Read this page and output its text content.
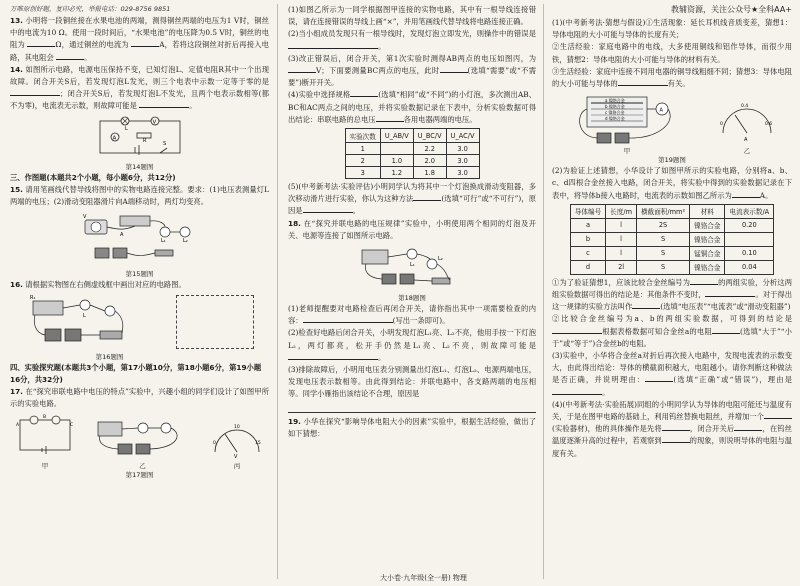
万唯原创好题，复印必究，举报电话：029-8756 9851
13. 小明将一段铜丝接在水果电池的两端，测得铜丝两端的电压为1 V时，铜丝中的电流为10 Ω。使用一段时间后，“水果电池”的电压降为0.5 V时，铜丝的电阻为	Ω，通过铜丝的电流为	A，若将这段铜丝对折后再接入电路，其电阻会	。
14. 如图所示电路，电源电压保持不变，已知灯泡L、定值电阻R其中一个出现故障。闭合开关S后，若发现灯泡L发光，则三个电表中示数一定等于零的是 ；闭合开关S后，若发现灯泡L不发光，且两个电表示数相等(都不为零)，电流表无示数，则故障可能是	。
V
A
S
R
L
第14题图
三、作图题(本题共2个小题，每小题6分，共12分)
15. 请用笔画线代替导线将图中的实物电路连接完整。要求：(1)电压表测量灯L两端的电压；(2)滑动变阻器滑片向A端移动时，两灯均变亮。
V
L₁	L₂
A
第15题图
16. 请根据实物图在右侧虚线框中画出对应的电路图。
R₁
L
第16题图
四、实验探究题(本题共3个小题，第17小题10分，第18小题6分，第19小题16分，共32分)
17. 在“探究串联电路中电压的特点”实验中，兴趣小组的同学们设计了如图甲所示的实验电路。
A
B
C
甲	乙
0
10
15
V
丙
第17题图

(1)如图乙所示为一同学根据图甲连接的实物电路，其中有一根导线连接错误，请在连接错误的导线上画“×”，并用笔画线代替导线将电路连接正确。

(2)当小组成员发现只有一根导线时，发现灯泡立即发光，则操作中的错误是。

(3)改正错误后，闭合开关，第1次实验时测得AB两点的电压如图丙，为V；下面要测量BC两点的电压，此时	(选填“需要”或“不需要”)断开开关。

(4)实验中选择规格	(选填“相同”或“不同”)的小灯泡，多次测出AB、BC和AC两点之间的电压，并将实验数据记录在下表中，分析实验数据可得出结论：串联电路的总电压	各用电器两端的电压。

实验次数	U_AB/V	U_BC/V	U_AC/V
1		2.2	3.0
2	1.0	2.0	3.0
3	1.2	1.8	3.0

(5)(中考新考法·实验评估)小明同学认为将其中一个灯泡换成滑动变阻器，多次移动滑片进行实验，你认为这种方法	(选填“可行”或“不可行”)，原因是	。

18. 在“探究并联电路的电压规律”实验中，小明使用两个相同的灯泡及开关、电源等连接了如图所示电路。
L₁
L₂
第18题图

(1)老师提醒要对电路检查后再闭合开关，请你指出其中一项需要检查的内容：	(写出一条即可)。

(2)检查好电路后闭合开关，小明发现灯泡L₁亮、L₂不亮，他用手按一下灯泡L₂，两灯都亮，松开手仍然是L₁亮、L₂不亮，则故障可能是。

(3)排除故障后，小明用电压表分别测量出灯泡L₁、灯泡L₂、电源两端电压，发现电压表示数相等。由此得到结论：并联电路中，各支路两端的电压相等。同学小雁指出该结论不合理，原因是

19. 小华在探究“影响导体电阻大小的因素”实验中，根据生活经验，做出了如下猜想：
教辅资源，关注公众号★全科AA+

(1)(中考新考法·猜想与假设)①生活现象：延长耳机线音质变差，猜想1：导体电阻的大小可能与导体的长度有关；

②生活经验：家庭电路中的电线，大多使用铜线和铝作导体，而很少用铁，猜想2：导体电阻的大小可能与导体的材料有关。

③生活经验：家庭中连接不同用电器的铜导线粗细不同；猜想3：导体电阻的大小可能与导体的	有关。

a 镍铬合金
b 镍铬合金
c 镍铬合金
d 镍铬合金
A
甲
0
0.4
0.6
A
乙
第19题图

(2)为验证上述猜想，小华设计了如图甲所示的实验电路，分别将a、b、c、d四根合金丝接入电路，闭合开关，将实验中得到的实验数据记录在下表中，将导体b接入电路时，电流表的示数如图乙所示为	A。

导体编号	长度/m	横截面积/mm²	材料	电流表示数/A
a	l	2S	镍铬合金	0.20
b	l	S	镍铬合金	
c	l	S	锰铜合金	0.10
d	2l	S	镍铬合金	0.04

①为了验证猜想1，应该比较合金丝编号为	的两组实验，分析这两组实验数据可得出的结论是：其他条件不变时，	。对于得出这一规律的实验方法叫作	(选填“电压表”“电流表”或“滑动变阻器”)

②比较合金丝编号为a、b的两组实验数据，可得到的结论是根据表格数据可知合金丝a的电阻	(选填“大于”“小于”或“等于”)合金丝b的电阻。

(3)实验中，小华将合金丝a对折后再次接入电路中，发现电流表的示数变大，由此得出结论：导体的横截面积越大，电阻越小。请你判断这种做法是否正确，并说明理由：	(选填“正确”或“错误”)，理由是。

(4)(中考新考法·实验拓展)同组的小明同学认为导体的电阻可能还与温度有关，于是在图甲电路的基础上，利用钨丝替换电阻丝，并增加一个(实验器材)，他的具体操作是先将	，闭合开关后	，在钨丝温度逐渐升高的过程中，若观察到	的现象，则说明导体的电阻与温度有关。

大小卷·九年级(全一册) 物理
